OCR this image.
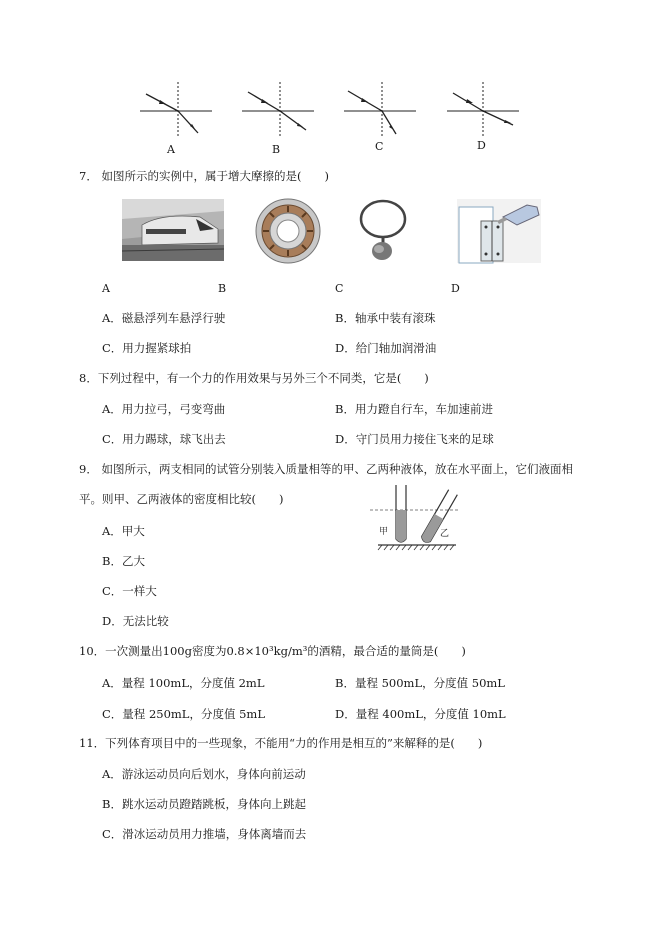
A	B	C	D
7． 如图所示的实例中，属于增大摩擦的是(　　)
A	B	C	D
A．磁悬浮列车悬浮行驶	B．轴承中装有滚珠
C．用力握紧球拍	D．给门轴加润滑油
8．下列过程中，有一个力的作用效果与另外三个不同类，它是(　　)
A．用力拉弓，弓变弯曲	B．用力蹬自行车，车加速前进
C．用力踢球，球飞出去	D．守门员用力接住飞来的足球
9． 如图所示，两支相同的试管分别装入质量相等的甲、乙两种液体，放在水平面上，它们液面相
平。则甲、乙两液体的密度相比较(　　)
A．甲大
B．乙大
C．一样大
D．无法比较
甲	乙
10．一次测量出100g密度为0.8×10³kg/m³的酒精，最合适的量筒是(　　)
A．量程 100mL，分度值 2mL	B．量程 500mL，分度值 50mL
C．量程 250mL，分度值 5mL	D．量程 400mL，分度值 10mL
11．下列体育项目中的一些现象，不能用“力的作用是相互的”来解释的是(　　)
A．游泳运动员向后划水，身体向前运动
B．跳水运动员蹬踏跳板，身体向上跳起
C．滑冰运动员用力推墙，身体离墙而去
